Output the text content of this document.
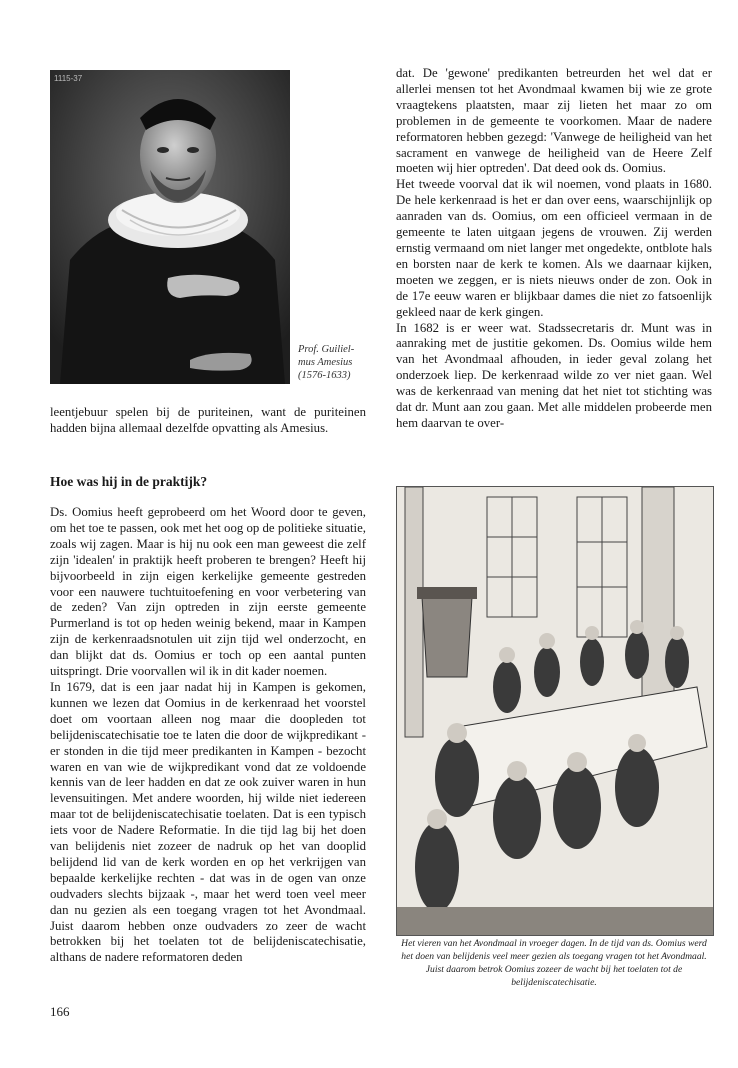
1115-37
Prof. Guiliel-mus Amesius (1576-1633)

leentjebuur spelen bij de puriteinen, want de puriteinen hadden bijna allemaal dezelfde opvatting als Amesius.

Hoe was hij in de praktijk?

Ds. Oomius heeft geprobeerd om het Woord door te geven, om het toe te passen, ook met het oog op de politieke situatie, zoals wij zagen. Maar is hij nu ook een man geweest die zelf zijn 'idealen' in praktijk heeft proberen te brengen? Heeft hij bijvoorbeeld in zijn eigen kerkelijke gemeente gestreden voor een nauwere tuchtuitoefening en voor verbetering van de zeden? Van zijn optreden in zijn eerste gemeente Purmerland is tot op heden weinig bekend, maar in Kampen zijn de kerkenraadsnotulen uit zijn tijd wel onderzocht, en dan blijkt dat ds. Oomius er toch op een aantal punten uitspringt. Drie voorvallen wil ik in dit kader noemen.

In 1679, dat is een jaar nadat hij in Kampen is gekomen, kunnen we lezen dat Oomius in de kerkenraad het voorstel doet om voortaan alleen nog maar die doopleden tot belijdeniscatechisatie toe te laten die door de wijkpredikant - er stonden in die tijd meer predikanten in Kampen - bezocht waren en van wie de wijkpredikant vond dat ze voldoende kennis van de leer hadden en dat ze ook zuiver waren in hun levensuitingen. Met andere woorden, hij wilde niet iedereen maar tot de belijdeniscatechisatie toelaten. Dat is een typisch iets voor de Nadere Reformatie. In die tijd lag bij het doen van belijdenis niet zozeer de nadruk op het van dooplid belijdend lid van de kerk worden en op het verkrijgen van bepaalde kerkelijke rechten - dat was in de ogen van onze oudvaders slechts bijzaak -, maar het werd toen veel meer dan nu gezien als een toegang vragen tot het Avondmaal. Juist daarom hebben onze oudvaders zo zeer de wacht betrokken bij het toelaten tot de belijdeniscatechisatie, althans de nadere reformatoren deden

dat. De 'gewone' predikanten betreurden het wel dat er allerlei mensen tot het Avondmaal kwamen bij wie ze grote vraagtekens plaatsten, maar zij lieten het maar zo om problemen in de gemeente te voorkomen. Maar de nadere reformatoren hebben gezegd: 'Vanwege de heiligheid van het sacrament en vanwege de heiligheid van de Heere Zelf moeten wij hier optreden'. Dat deed ook ds. Oomius.

Het tweede voorval dat ik wil noemen, vond plaats in 1680. De hele kerkenraad is het er dan over eens, waarschijnlijk op aanraden van ds. Oomius, om een officieel vermaan in de gemeente te laten uitgaan jegens de vrouwen. Zij werden ernstig vermaand om niet langer met ongedekte, ontblote hals en borsten naar de kerk te komen. Als we daarnaar kijken, moeten we zeggen, er is niets nieuws onder de zon. Ook in de 17e eeuw waren er blijkbaar dames die niet zo fatsoenlijk gekleed naar de kerk gingen.

In 1682 is er weer wat. Stadssecretaris dr. Munt was in aanraking met de justitie gekomen. Ds. Oomius wilde hem van het Avondmaal afhouden, in ieder geval zolang het onderzoek liep. De kerkenraad wilde zo ver niet gaan. Wel was de kerkenraad van mening dat het niet tot stichting was dat dr. Munt aan zou gaan. Met alle middelen probeerde men hem daarvan te over-

Het vieren van het Avondmaal in vroeger dagen. In de tijd van ds. Oomius werd het doen van belijdenis veel meer gezien als toegang vragen tot het Avondmaal. Juist daarom betrok Oomius zozeer de wacht bij het toelaten tot de belijdeniscatechisatie.
166
